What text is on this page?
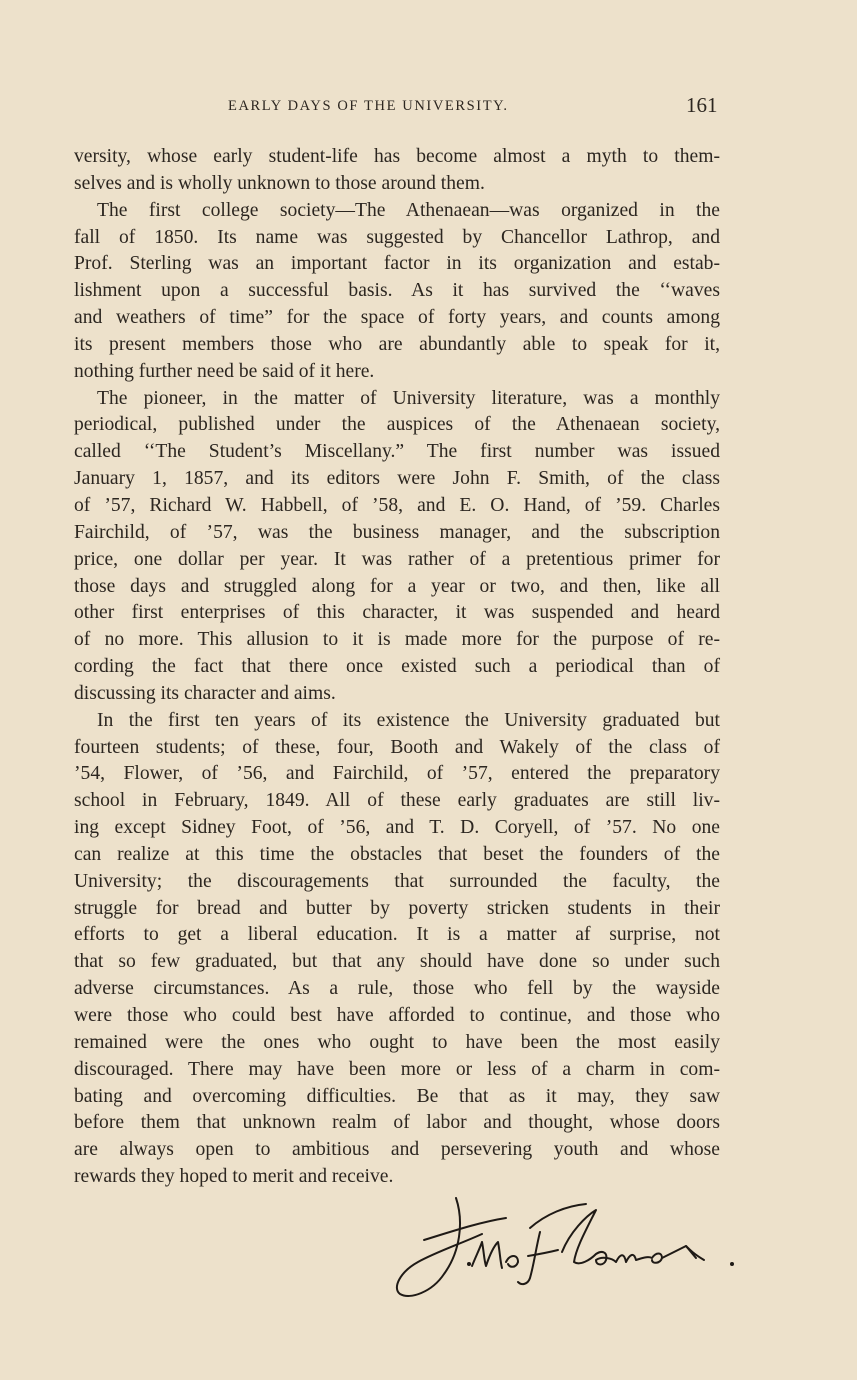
EARLY DAYS OF THE UNIVERSITY.	161
versity, whose early student-life has become almost a myth to them-
selves and is wholly unknown to those around them.
The first college society—The Athenaean—was organized in the
fall of 1850. Its name was suggested by Chancellor Lathrop, and
Prof. Sterling was an important factor in its organization and estab-
lishment upon a successful basis. As it has survived the ‘‘waves
and weathers of time” for the space of forty years, and counts among
its present members those who are abundantly able to speak for it,
nothing further need be said of it here.
The pioneer, in the matter of University literature, was a monthly
periodical, published under the auspices of the Athenaean society,
called ‘‘The Student’s Miscellany.” The first number was issued
January 1, 1857, and its editors were John F. Smith, of the class
of ’57, Richard W. Habbell, of ’58, and E. O. Hand, of ’59. Charles
Fairchild, of ’57, was the business manager, and the subscription
price, one dollar per year. It was rather of a pretentious primer for
those days and struggled along for a year or two, and then, like all
other first enterprises of this character, it was suspended and heard
of no more. This allusion to it is made more for the purpose of re-
cording the fact that there once existed such a periodical than of
discussing its character and aims.
In the first ten years of its existence the University graduated but
fourteen students; of these, four, Booth and Wakely of the class of
’54, Flower, of ’56, and Fairchild, of ’57, entered the preparatory
school in February, 1849. All of these early graduates are still liv-
ing except Sidney Foot, of ’56, and T. D. Coryell, of ’57. No one
can realize at this time the obstacles that beset the founders of the
University; the discouragements that surrounded the faculty, the
struggle for bread and butter by poverty stricken students in their
efforts to get a liberal education. It is a matter af surprise, not
that so few graduated, but that any should have done so under such
adverse circumstances. As a rule, those who fell by the wayside
were those who could best have afforded to continue, and those who
remained were the ones who ought to have been the most easily
discouraged. There may have been more or less of a charm in com-
bating and overcoming difficulties. Be that as it may, they saw
before them that unknown realm of labor and thought, whose doors
are always open to ambitious and persevering youth and whose
rewards they hoped to merit and receive.
